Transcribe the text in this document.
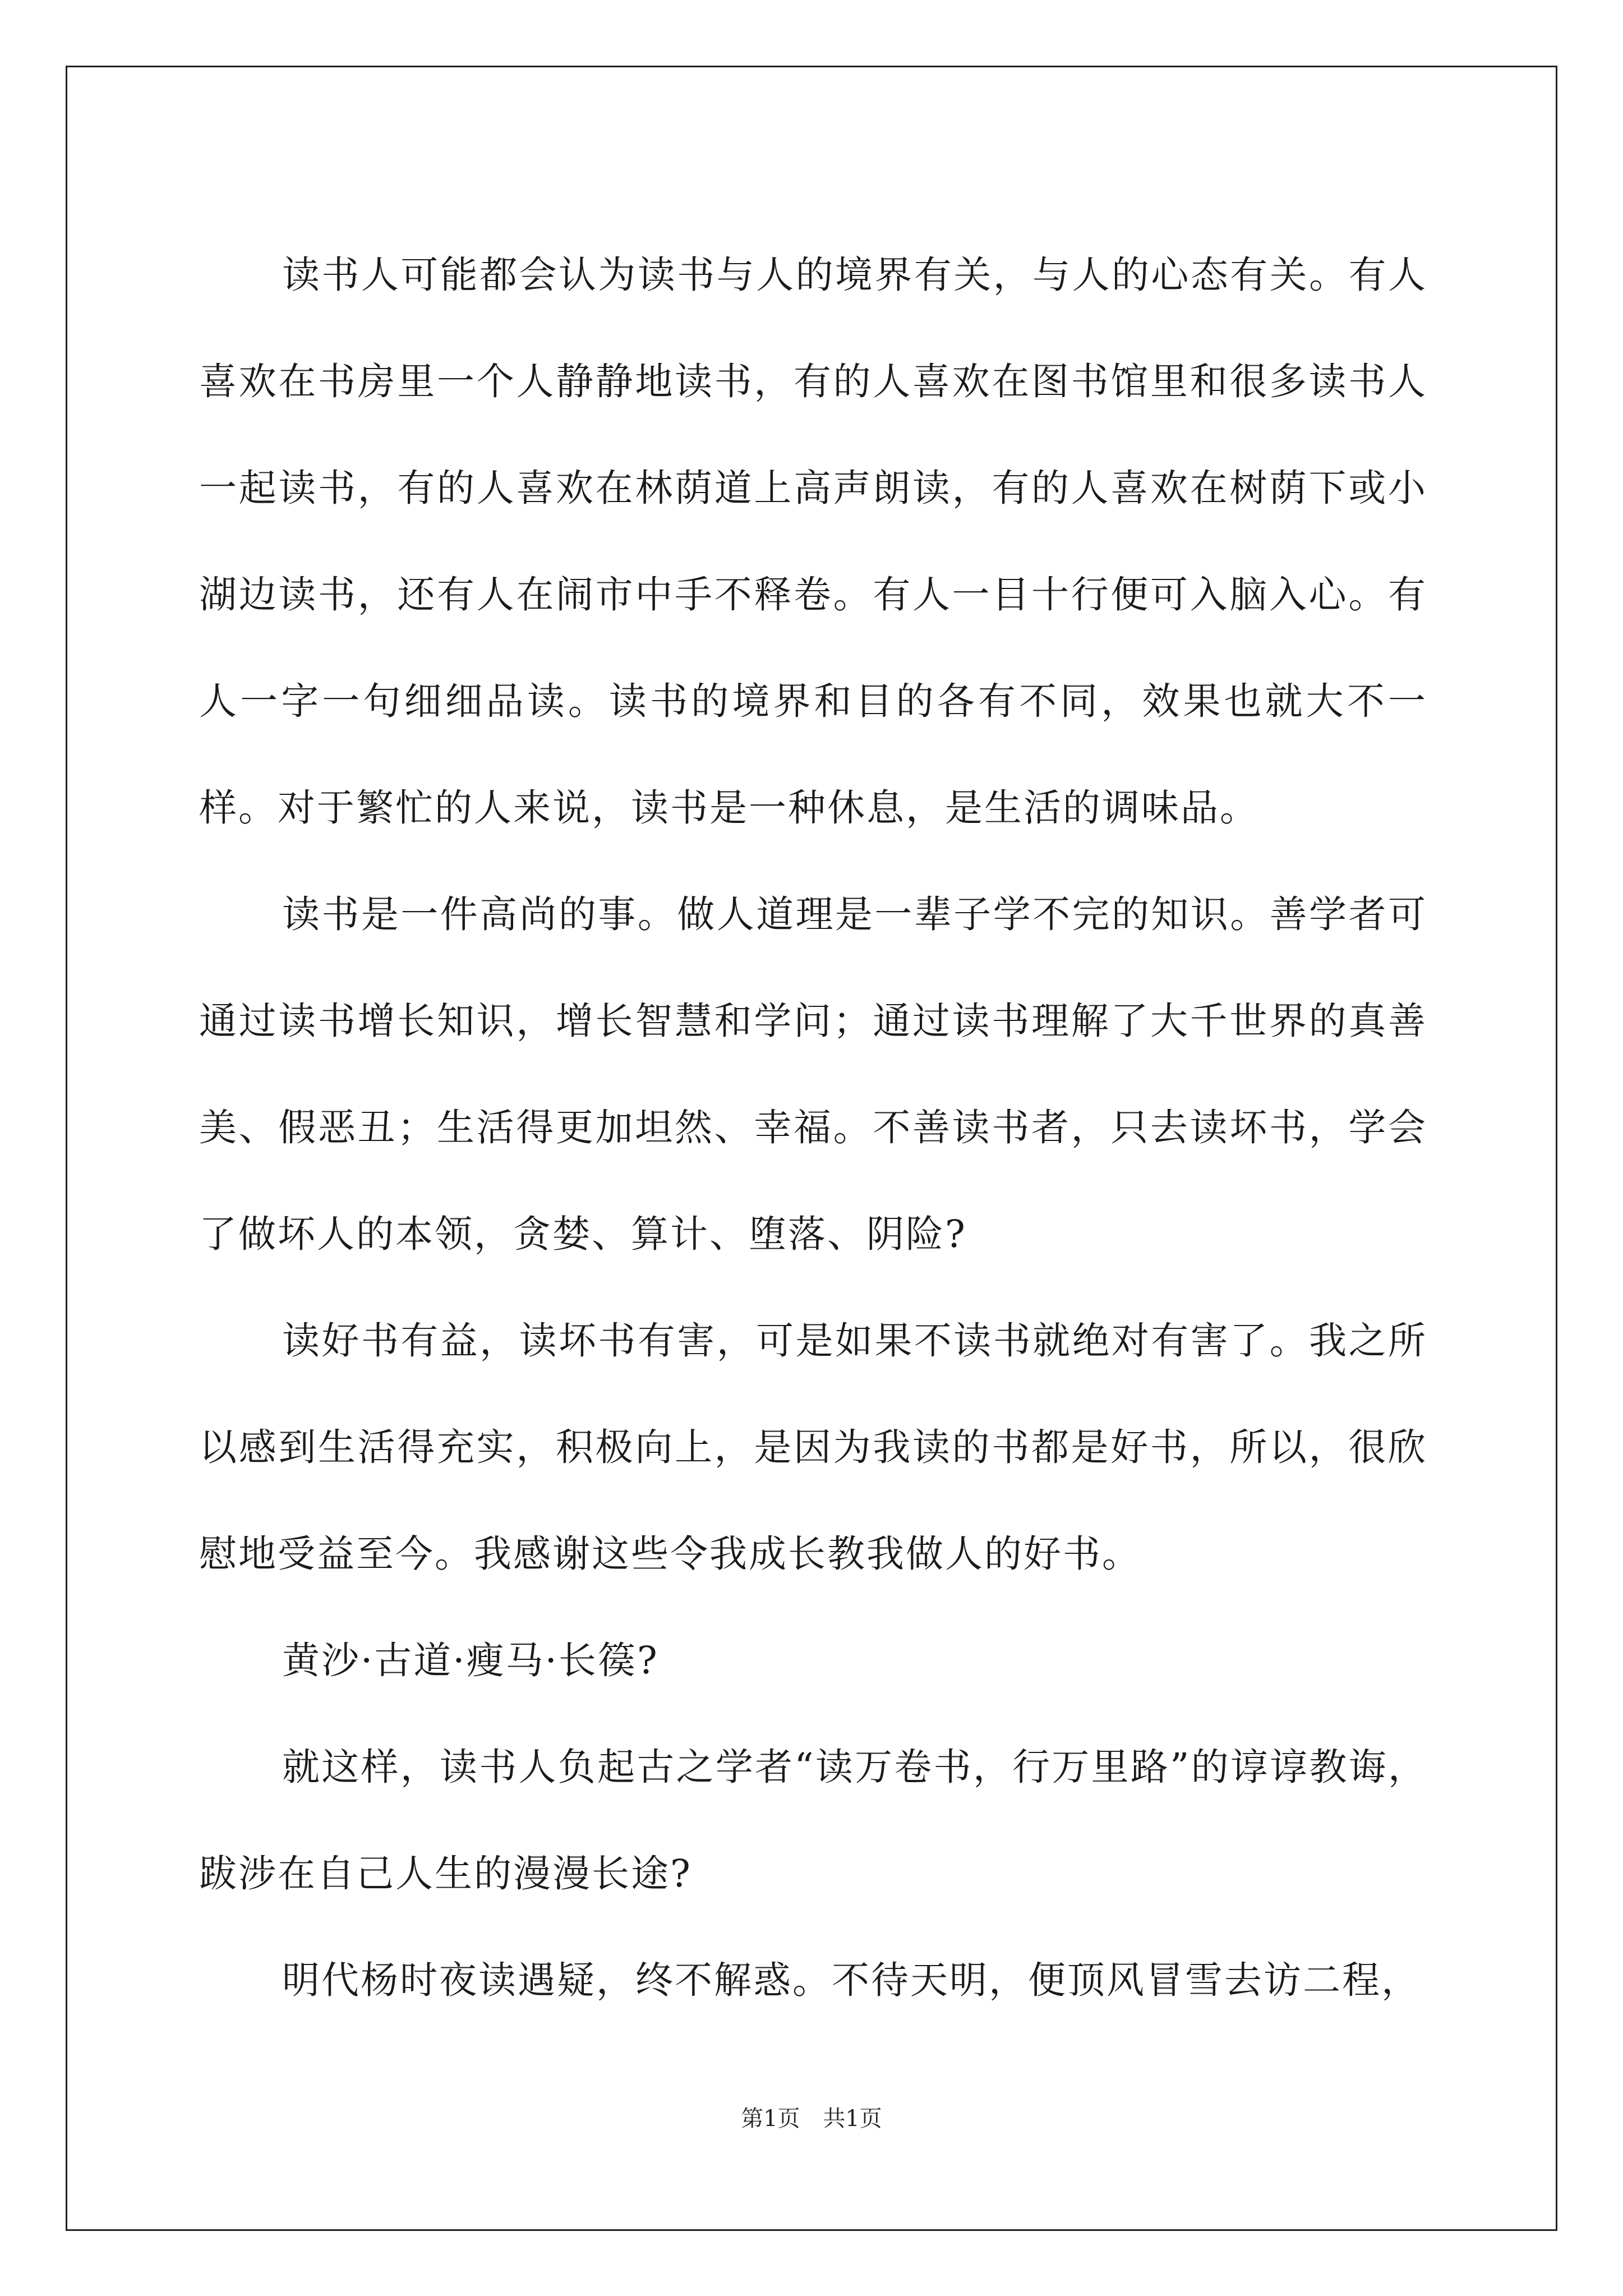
读书人可能都会认为读书与人的境界有关，与人的心态有关。有人喜欢在书房里一个人静静地读书，有的人喜欢在图书馆里和很多读书人一起读书，有的人喜欢在林荫道上高声朗读，有的人喜欢在树荫下或小湖边读书，还有人在闹市中手不释卷。有人一目十行便可入脑入心。有人一字一句细细品读。读书的境界和目的各有不同，效果也就大不一样。对于繁忙的人来说，读书是一种休息，是生活的调味品。

读书是一件高尚的事。做人道理是一辈子学不完的知识。善学者可通过读书增长知识，增长智慧和学问；通过读书理解了大千世界的真善美、假恶丑；生活得更加坦然、幸福。不善读书者，只去读坏书，学会了做坏人的本领，贪婪、算计、堕落、阴险?

读好书有益，读坏书有害，可是如果不读书就绝对有害了。我之所以感到生活得充实，积极向上，是因为我读的书都是好书，所以，很欣慰地受益至今。我感谢这些令我成长教我做人的好书。

黄沙·古道·瘦马·长篌?

就这样，读书人负起古之学者“读万卷书，行万里路”的谆谆教诲，跋涉在自己人生的漫漫长途?

明代杨时夜读遇疑，终不解惑。不待天明，便顶风冒雪去访二程，

第1页 共1页
